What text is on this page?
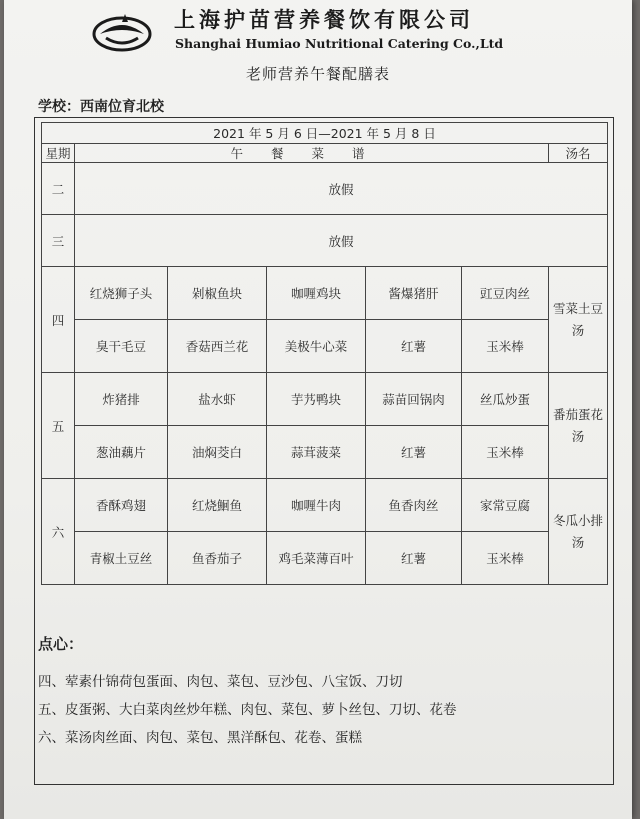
上海护苗营养餐饮有限公司
Shanghai Humiao Nutritional Catering Co.,Ltd
老师营养午餐配膳表
学校：西南位育北校
2021 年 5 月 6 日—2021 年 5 月 8 日						
星期	午餐菜谱					汤名
二	放假					
三	放假					
四	红烧狮子头	剁椒鱼块	咖喱鸡块	酱爆猪肝	豇豆肉丝	雪菜土豆汤
	臭干毛豆	香菇西兰花	美极牛心菜	红薯	玉米棒	
五	炸猪排	盐水虾	芋艿鸭块	蒜苗回锅肉	丝瓜炒蛋	番茄蛋花汤
	葱油藕片	油焖茭白	蒜茸菠菜	红薯	玉米棒	
六	香酥鸡翅	红烧鮰鱼	咖喱牛肉	鱼香肉丝	家常豆腐	冬瓜小排汤
	青椒土豆丝	鱼香茄子	鸡毛菜薄百叶	红薯	玉米棒	
点心：
四、荤素什锦荷包蛋面、肉包、菜包、豆沙包、八宝饭、刀切
五、皮蛋粥、大白菜肉丝炒年糕、肉包、菜包、萝卜丝包、刀切、花卷
六、菜汤肉丝面、肉包、菜包、黑洋酥包、花卷、蛋糕
